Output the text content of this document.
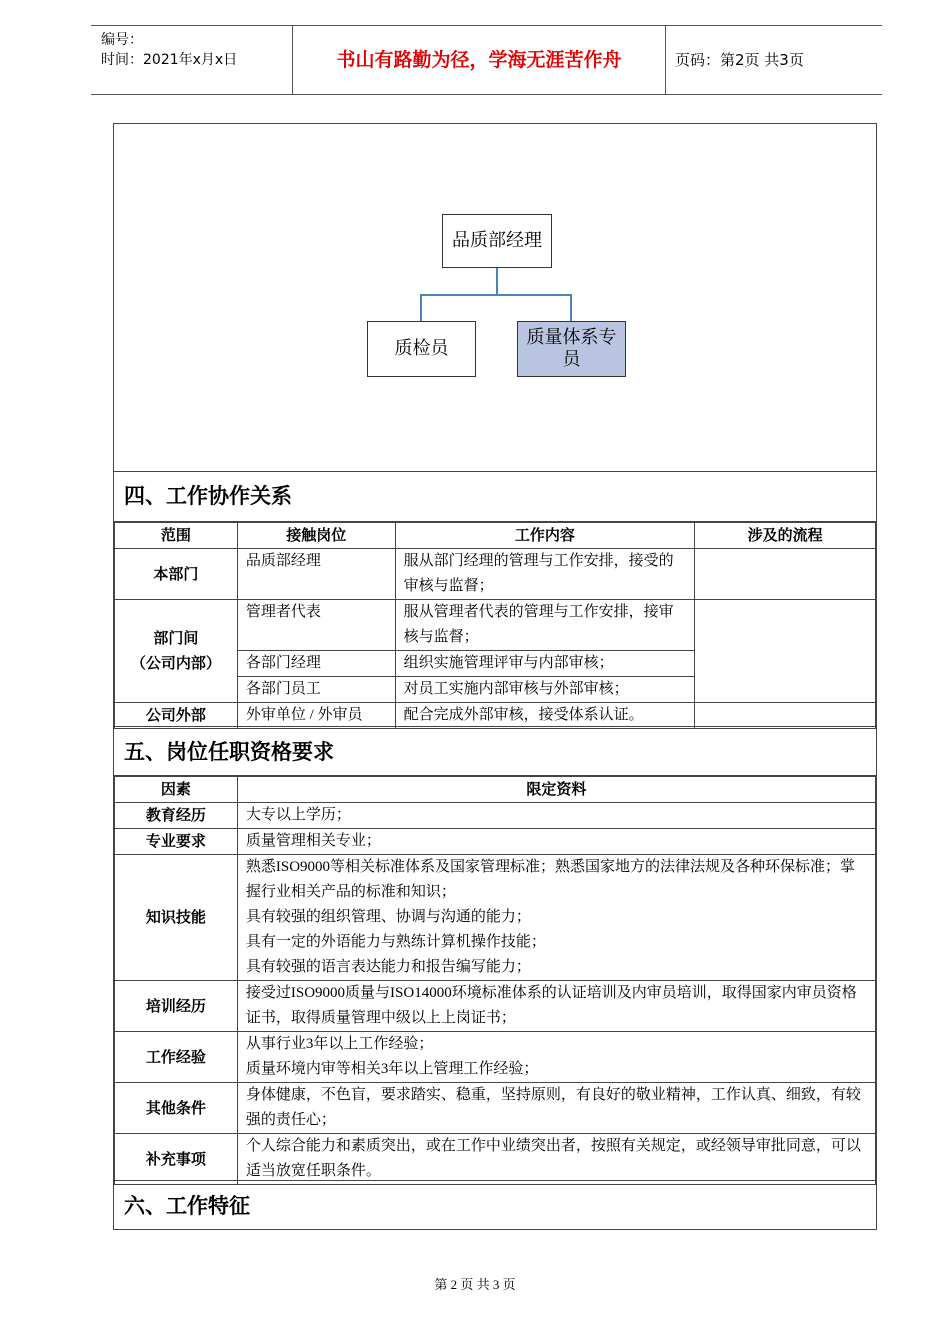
编号：
时间：2021年x月x日	书山有路勤为径，学海无涯苦作舟	页码：第2页 共3页
品质部经理
质检员
质量体系专员
四、工作协作关系
范围	接触岗位	工作内容	涉及的流程
本部门	品质部经理	服从部门经理的管理与工作安排，接受的审核与监督；	

部门间
（公司内部）	管理者代表	服从管理者代表的管理与工作安排，接审核与监督；	
	各部门经理	组织实施管理评审与内部审核；	
	各部门员工	对员工实施内部审核与外部审核；	
公司外部	外审单位 / 外审员	配合完成外部审核，接受体系认证。	
五、岗位任职资格要求
因素	限定资料
教育经历	大专以上学历；
专业要求	质量管理相关专业；
知识技能	熟悉ISO9000等相关标准体系及国家管理标准；熟悉国家地方的法律法规及各种环保标准；掌握行业相关产品的标准和知识；
具有较强的组织管理、协调与沟通的能力；
具有一定的外语能力与熟练计算机操作技能；
具有较强的语言表达能力和报告编写能力；

培训经历	接受过ISO9000质量与ISO14000环境标准体系的认证培训及内审员培训，取得国家内审员资格证书，取得质量管理中级以上上岗证书；
工作经验	从事行业3年以上工作经验；
质量环境内审等相关3年以上管理工作经验；

其他条件	身体健康，不色盲，要求踏实、稳重，坚持原则，有良好的敬业精神，工作认真、细致，有较强的责任心；
补充事项	个人综合能力和素质突出，或在工作中业绩突出者，按照有关规定，或经领导审批同意，可以适当放宽任职条件。
六、工作特征
第 2 页 共 3 页
